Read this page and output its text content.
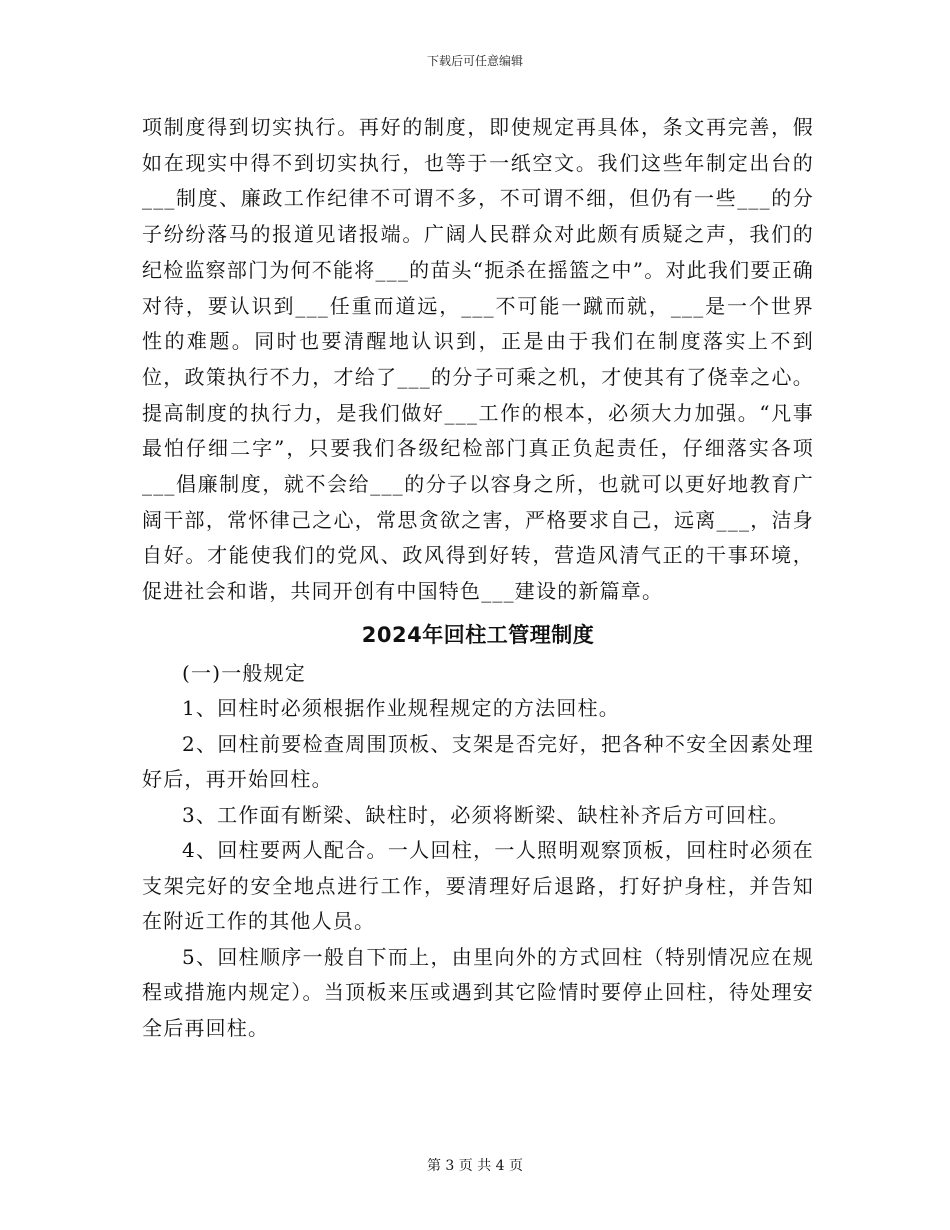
下载后可任意编辑

项制度得到切实执行。再好的制度，即使规定再具体，条文再完善，假如在现实中得不到切实执行，也等于一纸空文。我们这些年制定出台的___制度、廉政工作纪律不可谓不多，不可谓不细，但仍有一些___的分子纷纷落马的报道见诸报端。广阔人民群众对此颇有质疑之声，我们的纪检监察部门为何不能将___的苗头“扼杀在摇篮之中”。对此我们要正确对待，要认识到___任重而道远，___不可能一蹴而就，___是一个世界性的难题。同时也要清醒地认识到，正是由于我们在制度落实上不到位，政策执行不力，才给了___的分子可乘之机，才使其有了侥幸之心。提高制度的执行力，是我们做好___工作的根本，必须大力加强。“凡事最怕仔细二字”，只要我们各级纪检部门真正负起责任，仔细落实各项___倡廉制度，就不会给___的分子以容身之所，也就可以更好地教育广阔干部，常怀律己之心，常思贪欲之害，严格要求自己，远离___，洁身自好。才能使我们的党风、政风得到好转，营造风清气正的干事环境，促进社会和谐，共同开创有中国特色___建设的新篇章。

2024年回柱工管理制度

(一)一般规定

1、回柱时必须根据作业规程规定的方法回柱。

2、回柱前要检查周围顶板、支架是否完好，把各种不安全因素处理好后，再开始回柱。

3、工作面有断梁、缺柱时，必须将断梁、缺柱补齐后方可回柱。

4、回柱要两人配合。一人回柱，一人照明观察顶板，回柱时必须在支架完好的安全地点进行工作，要清理好后退路，打好护身柱，并告知在附近工作的其他人员。

5、回柱顺序一般自下而上，由里向外的方式回柱（特别情况应在规程或措施内规定）。当顶板来压或遇到其它险情时要停止回柱，待处理安全后再回柱。

第 3 页 共 4 页
